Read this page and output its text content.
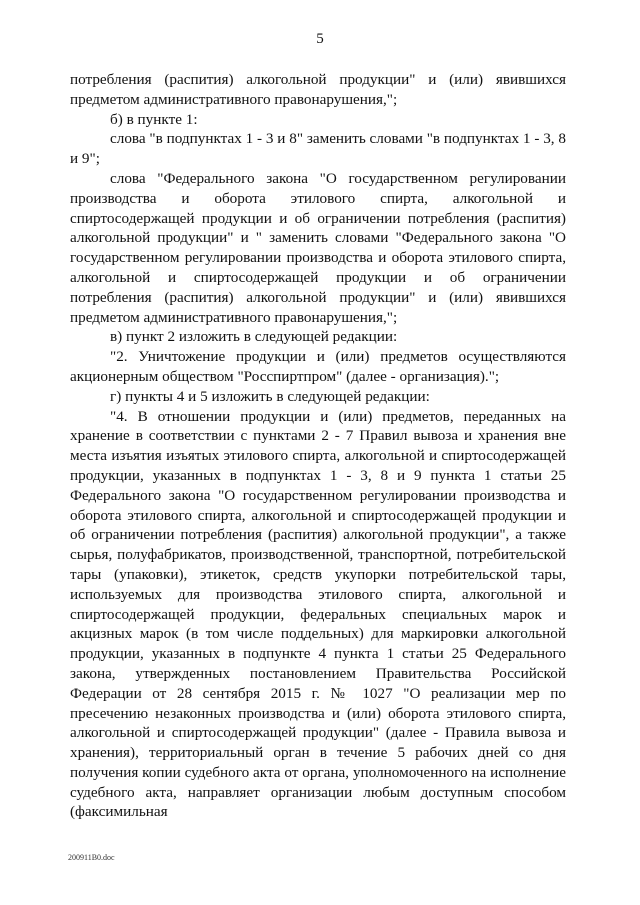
5

потребления (распития) алкогольной продукции" и (или) явившихся предметом административного правонарушения,";

б) в пункте 1:

слова "в подпунктах 1 - 3 и 8" заменить словами "в подпунктах 1 - 3, 8 и 9";

слова "Федерального закона "О государственном регулировании производства и оборота этилового спирта, алкогольной и спиртосодержащей продукции и об ограничении потребления (распития) алкогольной продукции" и " заменить словами "Федерального закона "О государственном регулировании производства и оборота этилового спирта, алкогольной и спиртосодержащей продукции и об ограничении потребления (распития) алкогольной продукции" и (или) явившихся предметом административного правонарушения,";

в) пункт 2 изложить в следующей редакции:

"2. Уничтожение продукции и (или) предметов осуществляются акционерным обществом "Росспиртпром" (далее - организация).";

г) пункты 4 и 5 изложить в следующей редакции:

"4. В отношении продукции и (или) предметов, переданных на хранение в соответствии с пунктами 2 - 7 Правил вывоза и хранения вне места изъятия изъятых этилового спирта, алкогольной и спиртосодержащей продукции, указанных в подпунктах 1 - 3, 8 и 9 пункта 1 статьи 25 Федерального закона "О государственном регулировании производства и оборота этилового спирта, алкогольной и спиртосодержащей продукции и об ограничении потребления (распития) алкогольной продукции", а также сырья, полуфабрикатов, производственной, транспортной, потребительской тары (упаковки), этикеток, средств укупорки потребительской тары, используемых для производства этилового спирта, алкогольной и спиртосодержащей продукции, федеральных специальных марок и акцизных марок (в том числе поддельных) для маркировки алкогольной продукции, указанных в подпункте 4 пункта 1 статьи 25 Федерального закона, утвержденных постановлением Правительства Российской Федерации от 28 сентября 2015 г. № 1027 "О реализации мер по пресечению незаконных производства и (или) оборота этилового спирта, алкогольной и спиртосодержащей продукции" (далее - Правила вывоза и хранения), территориальный орган в течение 5 рабочих дней со дня получения копии судебного акта от органа, уполномоченного на исполнение судебного акта, направляет организации любым доступным способом (факсимильная

200911В0.doc
